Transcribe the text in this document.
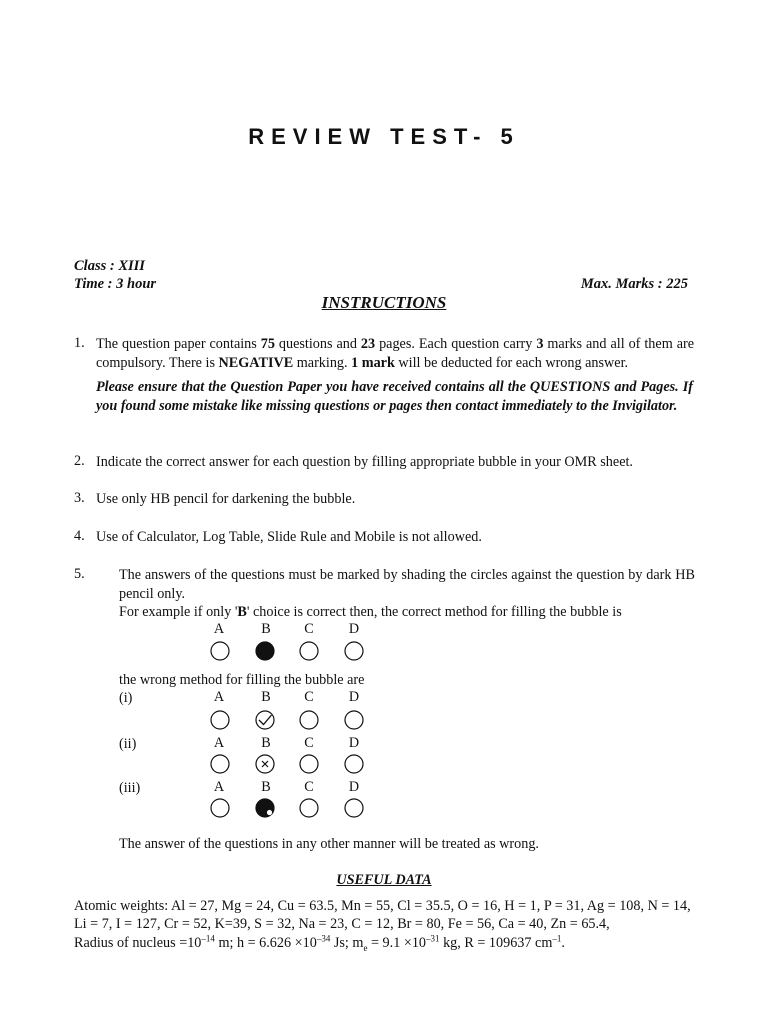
REVIEW TEST- 5
Class : XIII
Time : 3 hour	Max. Marks : 225
INSTRUCTIONS
1. The question paper contains 75 questions and 23 pages. Each question carry 3 marks and all of them are compulsory. There is NEGATIVE marking. 1 mark will be deducted for each wrong answer.
Please ensure that the Question Paper you have received contains all the QUESTIONS and Pages. If you found some mistake like missing questions or pages then contact immediately to the Invigilator.
2. Indicate the correct answer for each question by filling appropriate bubble in your OMR sheet.
3. Use only HB pencil for darkening the bubble.
4. Use of Calculator, Log Table, Slide Rule and Mobile is not allowed.
5. The answers of the questions must be marked by shading the circles against the question by dark HB pencil only.
For example if only 'B' choice is correct then, the correct method for filling the bubble is
A	B	C	D
the wrong method for filling the bubble are
(i)	A	B	C	D
(ii)	A	B	C	D
(iii)	A	B	C	D
The answer of the questions in any other manner will be treated as wrong.
USEFUL DATA
Atomic weights: Al = 27, Mg = 24, Cu = 63.5, Mn = 55, Cl = 35.5, O = 16, H = 1, P = 31, Ag = 108, N = 14,
Li = 7, I = 127, Cr = 52, K=39, S = 32, Na = 23, C = 12, Br = 80, Fe = 56, Ca = 40, Zn = 65.4,
Radius of nucleus $=10^{-14}$ m; $h = 6.626 \times 10^{-34}$ Js; $m_e = 9.1 \times 10^{-31}$ kg, R = 109637 $cm^{-1}$.
